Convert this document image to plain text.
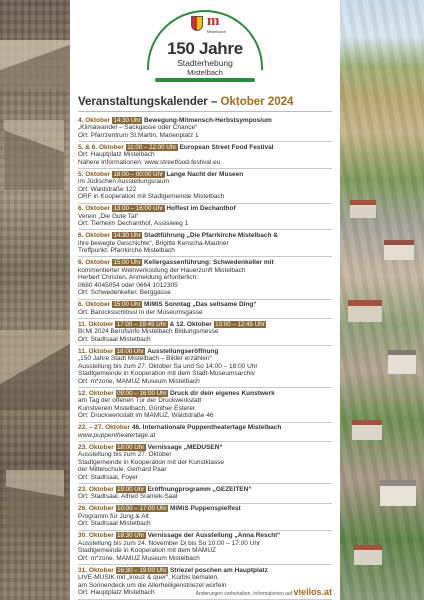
m
Mistelbach
150 Jahre
Stadterhebung
Mistelbach
Veranstaltungskalender – Oktober 2024
4. Oktober 14:30 Uhr Bewegung-Mitmensch-Herbstsymposium
„Klimawandel – Sackgasse oder Chance“
Ort: Pfarrzentrum St.Martin, Marienplatz 1
5. & 6. Oktober 11:00 – 22:00 Uhr European Street Food Festival
Ort: Hauptplatz Mistelbach
Nähere Informationen: www.streetfood-festival.eu
5. Oktober 18:00 – 00:00 Uhr Lange Nacht der Museen
im Jüdischen Ausstellungsraum
Ort: Waldstraße 122
ORF in Kooperation mit Stadtgemeinde Mistelbach
6. Oktober 13:00 – 16:00 Uhr Hoffest im Dechanthof
Verein „Die Gute Tat“
Ort: Tierheim Dechanthof, Assisiweg 1
6. Oktober 14:30 Uhr Stadtführung „Die Pfarrkirche Mistelbach &
ihre bewegte Geschichte“, Brigitte Kenscha-Mautner
Treffpunkt: Pfarrkirche Mistelbach
6. Oktober 15:00 Uhr Kellergassenführung: Schwedenkeller mit
kommentierter Weinverkostung der Hauerzunft Mistelbach
Herbert Christen, Anmeldung erforderlich:
0680 4045054 oder 0664 1012305
Ort: Schwedenkeller, Berggasse
6. Oktober 15:00 Uhr MiMiS Sonntag „Das seltsame Ding“
Ort: Barocksschlössl in der Museumsgasse
11. Oktober 17:00 – 19:45 Uhr & 12. Oktober 10:00 – 12:45 Uhr
Bi:Mi 2024 Berufsinfo Mistelbach Bildungsmesse
Ort: Stadtsaal Mistelbach
11. Oktober 18:00 Uhr Ausstellungseröffnung
„150 Jahre Stadt Mistelbach – Bilder erzählen“
Ausstellung bis zum 27. Oktober Sa und So 14:00 – 18:00 Uhr
Stadtgemeinde in Kooperation mit dem Stadt-Museumsarchiv
Ort: m*zone, MAMUZ Museum Mistelbach
12. Oktober 09:00 – 16:00 Uhr Druck dir dein eigenes Kunstwerk
am Tag der offenen Tür der Druckwerkstatt
Kunstverein Mistelbach, Günther Esterer
Ort: Druckwerkstatt im MAMUZ, Waldstraße 46
22. – 27. Oktober 46. Internationale Puppentheatertage Mistelbach
www.puppentheatertage.at
23. Oktober 18:00 Uhr Vernissage „MEDUSEN“
Ausstellung bis zum 27. Oktober
Stadtgemeinde in Kooperation mit der Kunstklasse
der Mittelschule, Gerhard Paar
Ort: Stadtsaal, Foyer
23. Oktober 19:00 Uhr Eröffnungprogramm „GEZEITEN“
Ort: Stadtsaal, Alfred Sramek-Saal
26. Oktober 10:00 – 17:00 Uhr MiMiS Puppenspielfest
Programm für Jung & Alt
Ort: Stadtsaal Mistelbach
30. Oktober 18:30 Uhr Vernissage der Ausstellung „Anna Reschl“
Ausstellung bis zum 24. November Di bis So 10:00 – 17:00 Uhr
Stadtgemeinde in Kooperation mit dem MAMUZ
Ort: m*zone, MAMUZ Museum Mistelbach
31. Oktober 16:30 – 19:00 Uhr Striezel poschen am Hauptplatz
LIVE-MUSIK mit „kreuz & quer“, Kürbis bemalen,
am Sonnendeck um die Allerheiligenstriezel würfeln
Ort: Hauptplatz Mistelbach	Änderungen vorbehalten, Informationen auf viellos.at
